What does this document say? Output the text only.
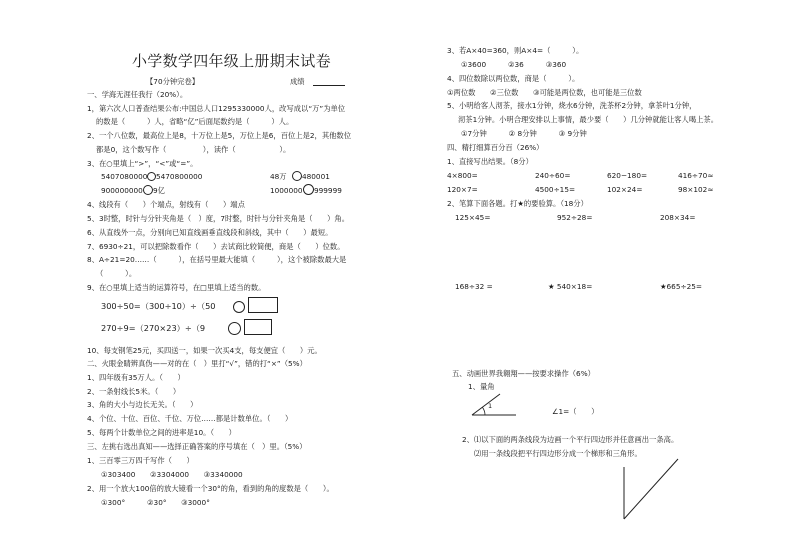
小学数学四年级上册期末试卷
【70分钟完卷】	成绩
一、学海无涯任我行（20%）。
1，第六次人口普查结果公布:中国总人口1295330000人，改写成以“万”为单位
的数是（　　　）人，省略“亿”后面尾数约是（　　　）人。
2、一个八位数，最高位上是8，十万位上是5，万位上是6，百位上是2，其他数位
都是0，这个数写作（　　　　　），读作（　　　　　　）。
3、在○里填上“>”，“<”或“=”。
5407080000 5470800000	48万 480001
900000000 9亿	1000000 999999
4、线段有（　　）个端点，射线有（　　）端点
5、3时整，时针与分针夹角是（　）度，7时整，时针与分针夹角是（　　）角。
6、从直线外一点，分别向已知直线画垂直线段和斜线，其中（　　）最短。
7、6930÷21，可以把除数看作（　　）去试商比较简便，商是（　　）位数。
8、A÷21=20……（　　　），在括号里最大能填（　　　），这个被除数最大是
（　　　）。
9、在○里填上适当的运算符号，在□里填上适当的数。
300÷50=（300÷10）÷（50
270÷9=（270×23）÷（9
10、每支钢笔25元，买四送一，如果一次买4支，每支便宜（　　）元。
二、火眼金睛辨真伪——对的在（　）里打“√”，错的打“×”（5%）
1、四年级有35万人。（　　）
2、一条射线长5米。（　　）
3、角的大小与边长无关。（　　）
4、个位、十位、百位、千位、万位……都是计数单位。（　　）
5、每两个计数单位之间的进率是10。（　　）
三、左挑右选出真知——选择正确答案的序号填在（　）里。（5%）
1、三百零三万四千写作（　　）
①303400　　②3304000　　③3340000
2、用一个放大100倍的放大镜看一个30°的角，看到的角的度数是（　　）。
①300°　　　②30°　　③3000°
3、若A×40=360，则A×4=（　　　）。
①3600　　　②36　　　③360
4、四位数除以两位数，商是（　　　）。
①两位数　　②三位数　　③可能是两位数，也可能是三位数
5、小明给客人沏茶，接水1分钟，烧水6分钟，洗茶杯2分钟，拿茶叶1分钟，
沏茶1分钟。小明合理安排以上事情，最少要（　　）几分钟就能让客人喝上茶。
①7分钟　　　② 8分钟　　　③ 9分钟
四、精打细算百分百（26%）
1、直接写出结果。（8分）
4×800=	240÷60=	620−180=	416÷70≈
120×7=	4500÷15=	102×24=	98×102≈
2、笔算下面各题。打★的要验算。（18分）
125×45=	952÷28=	208×34=
168÷32 =	★ 540×18=	★665÷25=
五、动画世界我翱翔——按要求操作（6%）
1、量角
1
∠1=（　　）
2、⑴以下面的两条线段为边画一个平行四边形并任意画出一条高。
⑵用一条线段把平行四边形分成一个梯形和三角形。
